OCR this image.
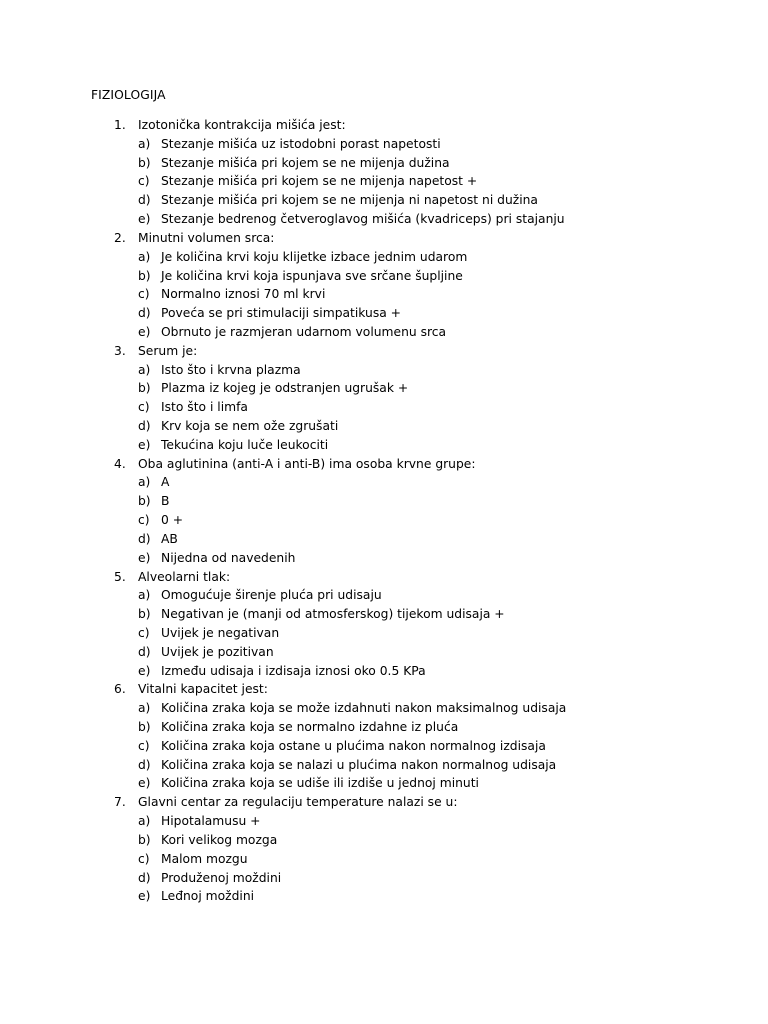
FIZIOLOGIJA
1. Izotonička kontrakcija mišića jest:
a) Stezanje mišića uz istodobni porast napetosti
b) Stezanje mišića pri kojem se ne mijenja dužina
c) Stezanje mišića pri kojem se ne mijenja napetost +
d) Stezanje mišića pri kojem se ne mijenja ni napetost ni dužina
e) Stezanje bedrenog četveroglavog mišića (kvadriceps) pri stajanju
2. Minutni volumen srca:
a) Je količina krvi koju klijetke izbace jednim udarom
b) Je količina krvi koja ispunjava sve srčane šupljine
c) Normalno iznosi 70 ml krvi
d) Poveća se pri stimulaciji simpatikusa +
e) Obrnuto je razmjeran udarnom volumenu srca
3. Serum je:
a) Isto što i krvna plazma
b) Plazma iz kojeg je odstranjen ugrušak +
c) Isto što i limfa
d) Krv koja se nem ože zgrušati
e) Tekućina koju luče leukociti
4. Oba aglutinina (anti-A i anti-B) ima osoba krvne grupe:
a) A
b) B
c) 0 +
d) AB
e) Nijedna od navedenih
5. Alveolarni tlak:
a) Omogućuje širenje pluća pri udisaju
b) Negativan je (manji od atmosferskog) tijekom udisaja +
c) Uvijek je negativan
d) Uvijek je pozitivan
e) Između udisaja i izdisaja iznosi oko 0.5 KPa
6. Vitalni kapacitet jest:
a) Količina zraka koja se može izdahnuti nakon maksimalnog udisaja
b) Količina zraka koja se normalno izdahne iz pluća
c) Količina zraka koja ostane u plućima nakon normalnog izdisaja
d) Količina zraka koja se nalazi u plućima nakon normalnog udisaja
e) Količina zraka koja se udiše ili izdiše u jednoj minuti
7. Glavni centar za regulaciju temperature nalazi se u:
a) Hipotalamusu +
b) Kori velikog mozga
c) Malom mozgu
d) Produženoj moždini
e) Leđnoj moždini
